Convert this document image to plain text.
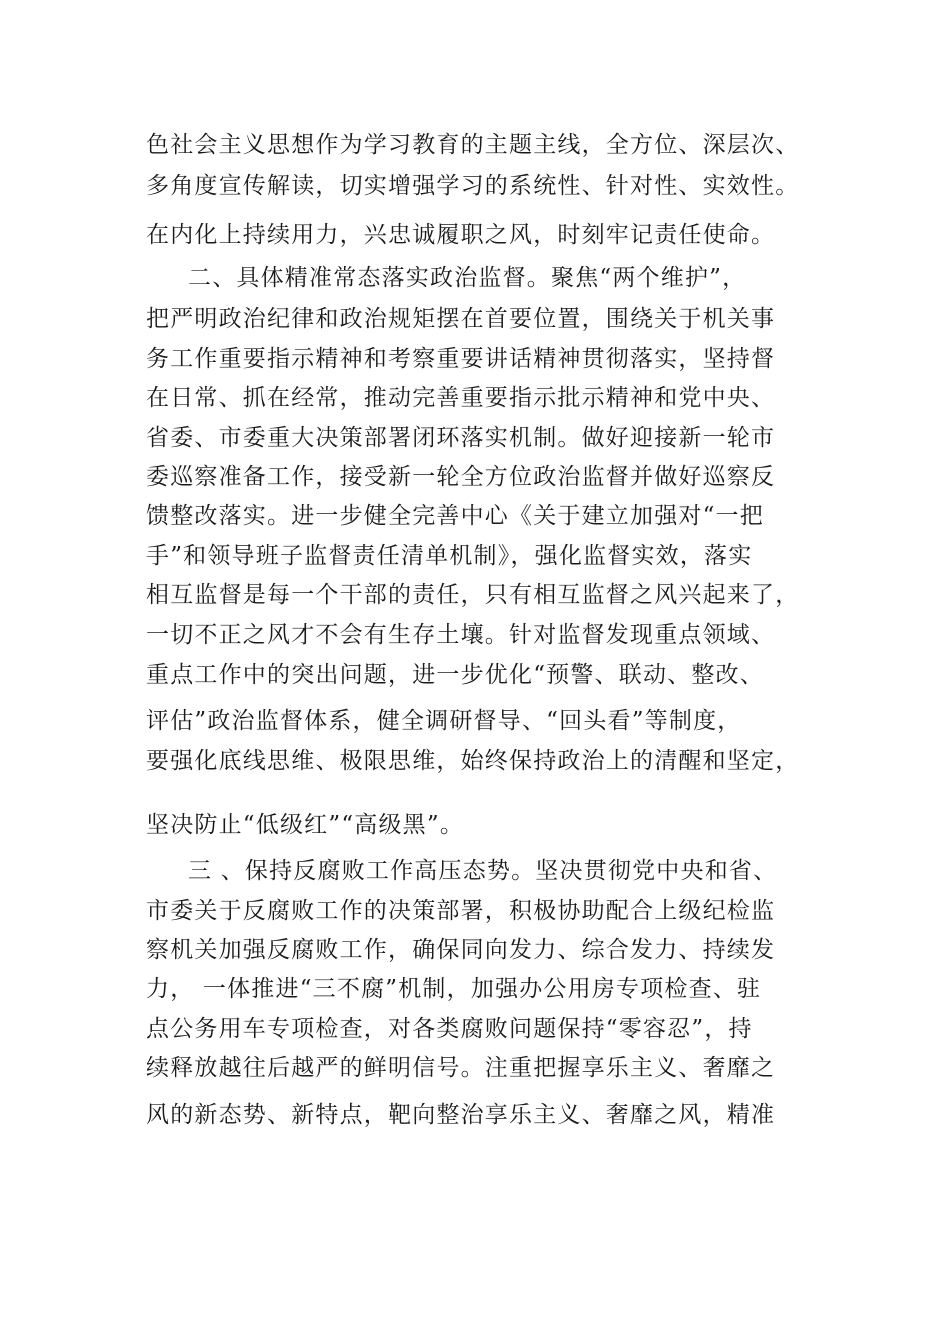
色社会主义思想作为学习教育的主题主线，全方位、深层次、
多角度宣传解读，切实增强学习的系统性、针对性、实效性。
在内化上持续用力，兴忠诚履职之风，时刻牢记责任使命。
二、具体精准常态落实政治监督。聚焦“两个维护”，
把严明政治纪律和政治规矩摆在首要位置，围绕关于机关事
务工作重要指示精神和考察重要讲话精神贯彻落实，坚持督
在日常、抓在经常，推动完善重要指示批示精神和党中央、
省委、市委重大决策部署闭环落实机制。做好迎接新一轮市
委巡察准备工作，接受新一轮全方位政治监督并做好巡察反
馈整改落实。进一步健全完善中心《关于建立加强对“一把
手”和领导班子监督责任清单机制》，强化监督实效，落实
相互监督是每一个干部的责任，只有相互监督之风兴起来了，
一切不正之风才不会有生存土壤。针对监督发现重点领域、
重点工作中的突出问题，进一步优化“预警、联动、整改、
评估”政治监督体系，健全调研督导、“回头看”等制度，
要强化底线思维、极限思维，始终保持政治上的清醒和坚定，
坚决防止“低级红”“高级黑”。
三 、保持反腐败工作高压态势。坚决贯彻党中央和省、
市委关于反腐败工作的决策部署，积极协助配合上级纪检监
察机关加强反腐败工作，确保同向发力、综合发力、持续发
力， 一体推进“三不腐”机制，加强办公用房专项检查、驻
点公务用车专项检查，对各类腐败问题保持“零容忍”，持
续释放越往后越严的鲜明信号。注重把握享乐主义、奢靡之
风的新态势、新特点，靶向整治享乐主义、奢靡之风，精准
